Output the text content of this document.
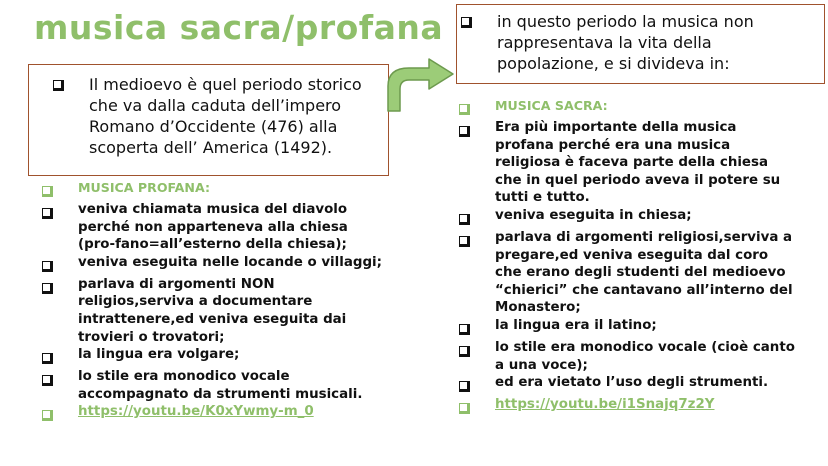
musica sacra/profana
Il medioevo è quel periodo storico
che va dalla caduta dell’impero
Romano d’Occidente (476) alla
scoperta dell’ America (1492).
in questo periodo la musica non
rappresentava la vita della
popolazione, e si divideva in:
MUSICA PROFANA:
veniva chiamata musica del diavolo
perché non apparteneva alla chiesa
(pro-fano=all’esterno della chiesa);
veniva eseguita nelle locande o villaggi;
parlava di argomenti NON
religios,serviva a documentare
intrattenere,ed veniva eseguita dai
trovieri o trovatori;
la lingua era volgare;
lo stile era monodico vocale
accompagnato da strumenti musicali.
https://youtu.be/K0xYwmy-m_0
MUSICA SACRA:
Era più importante della musica
profana perché era una musica
religiosa è faceva parte della chiesa
che in quel periodo aveva il potere su
tutti e tutto.
veniva eseguita in chiesa;
parlava di argomenti religiosi,serviva a
pregare,ed veniva eseguita dal coro
che erano degli studenti del medioevo
“chierici” che cantavano all’interno del
Monastero;
la lingua era il latino;
lo stile era monodico vocale (cioè canto
a una voce);
ed era vietato l’uso degli strumenti.
https://youtu.be/i1Snajq7z2Y
